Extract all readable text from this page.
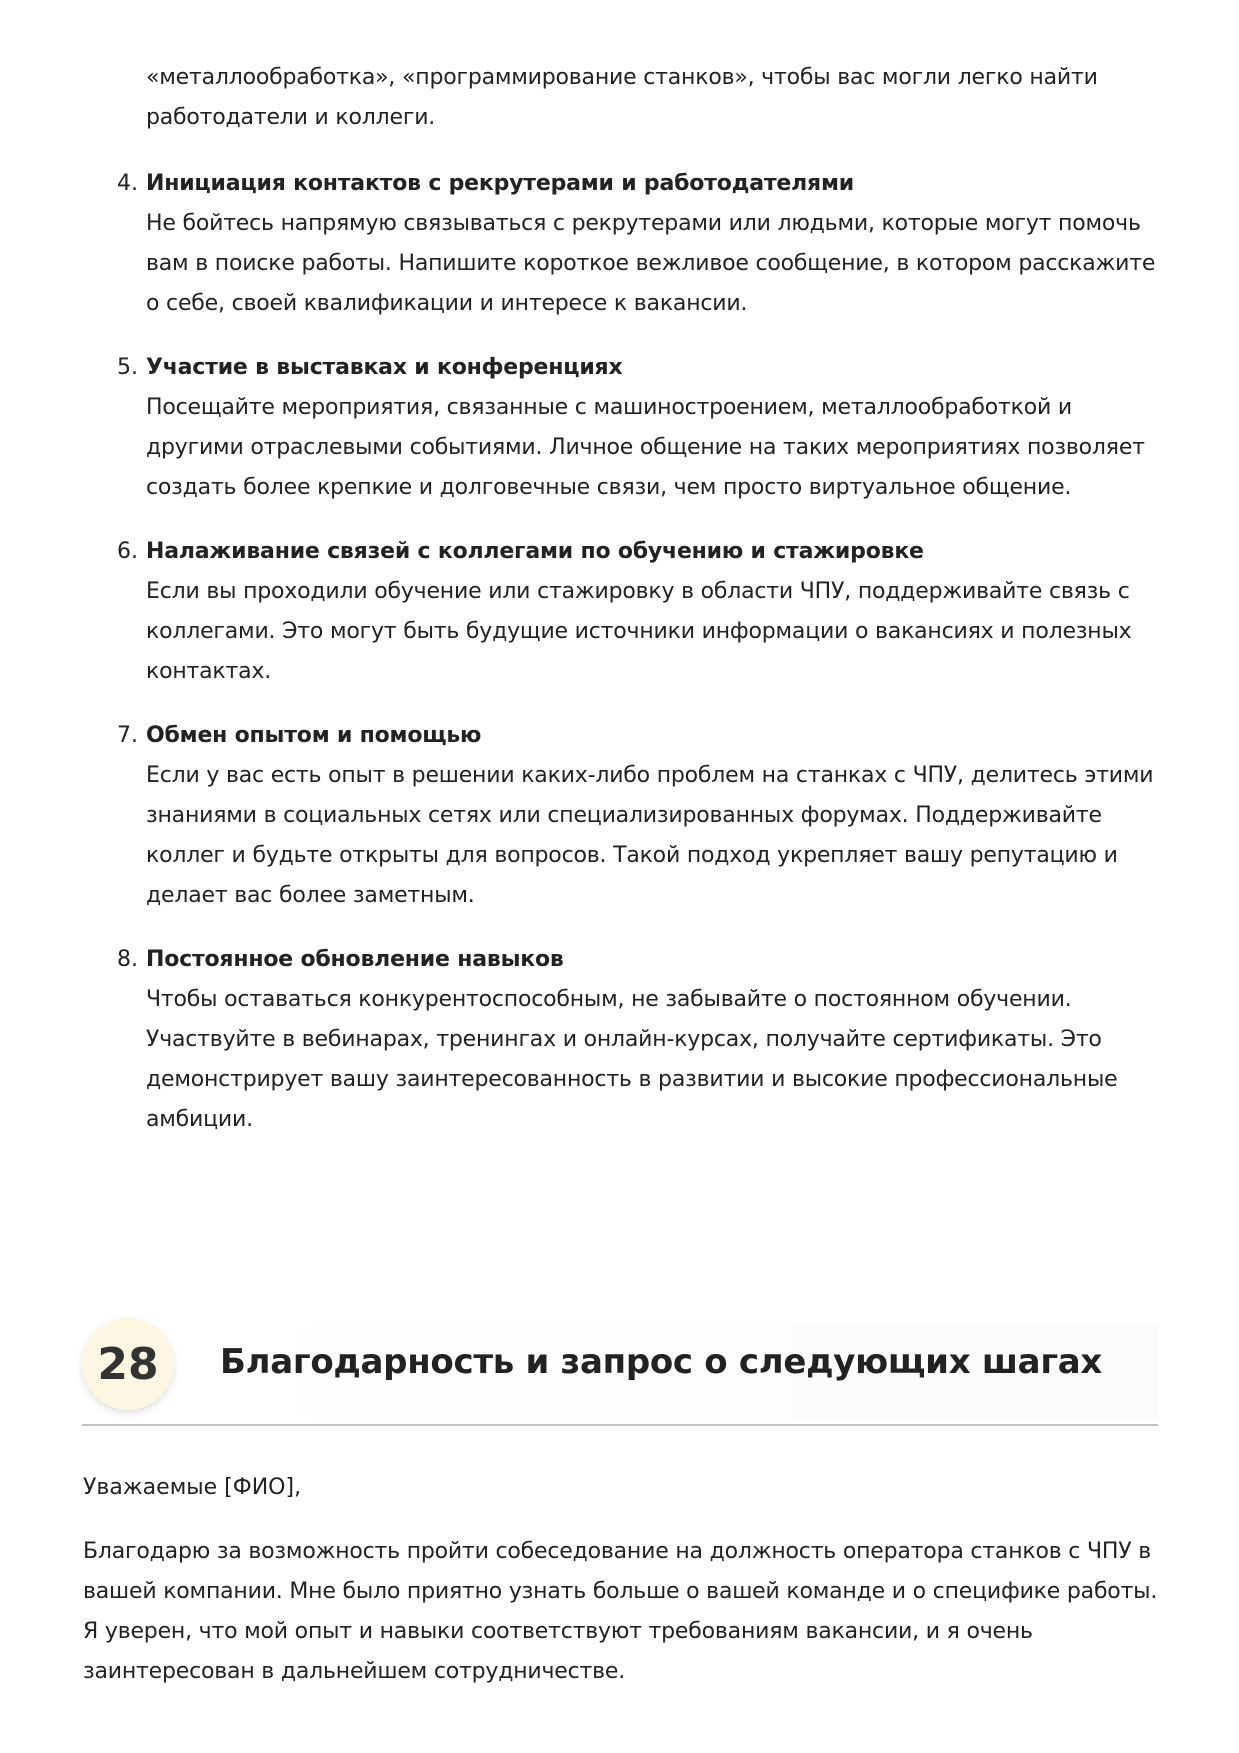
«металлообработка», «программирование станков», чтобы вас могли легко найти работодатели и коллеги.
4. Инициация контактов с рекрутерами и работодателями
Не бойтесь напрямую связываться с рекрутерами или людьми, которые могут помочь вам в поиске работы. Напишите короткое вежливое сообщение, в котором расскажите о себе, своей квалификации и интересе к вакансии.
5. Участие в выставках и конференциях
Посещайте мероприятия, связанные с машиностроением, металлообработкой и другими отраслевыми событиями. Личное общение на таких мероприятиях позволяет создать более крепкие и долговечные связи, чем просто виртуальное общение.
6. Налаживание связей с коллегами по обучению и стажировке
Если вы проходили обучение или стажировку в области ЧПУ, поддерживайте связь с коллегами. Это могут быть будущие источники информации о вакансиях и полезных контактах.
7. Обмен опытом и помощью
Если у вас есть опыт в решении каких-либо проблем на станках с ЧПУ, делитесь этими знаниями в социальных сетях или специализированных форумах. Поддерживайте коллег и будьте открыты для вопросов. Такой подход укрепляет вашу репутацию и делает вас более заметным.
8. Постоянное обновление навыков
Чтобы оставаться конкурентоспособным, не забывайте о постоянном обучении. Участвуйте в вебинарах, тренингах и онлайн-курсах, получайте сертификаты. Это демонстрирует вашу заинтересованность в развитии и высокие профессиональные амбиции.
28	Благодарность и запрос о следующих шагах
Уважаемые [ФИО],
Благодарю за возможность пройти собеседование на должность оператора станков с ЧПУ в вашей компании. Мне было приятно узнать больше о вашей команде и о специфике работы. Я уверен, что мой опыт и навыки соответствуют требованиям вакансии, и я очень заинтересован в дальнейшем сотрудничестве.
